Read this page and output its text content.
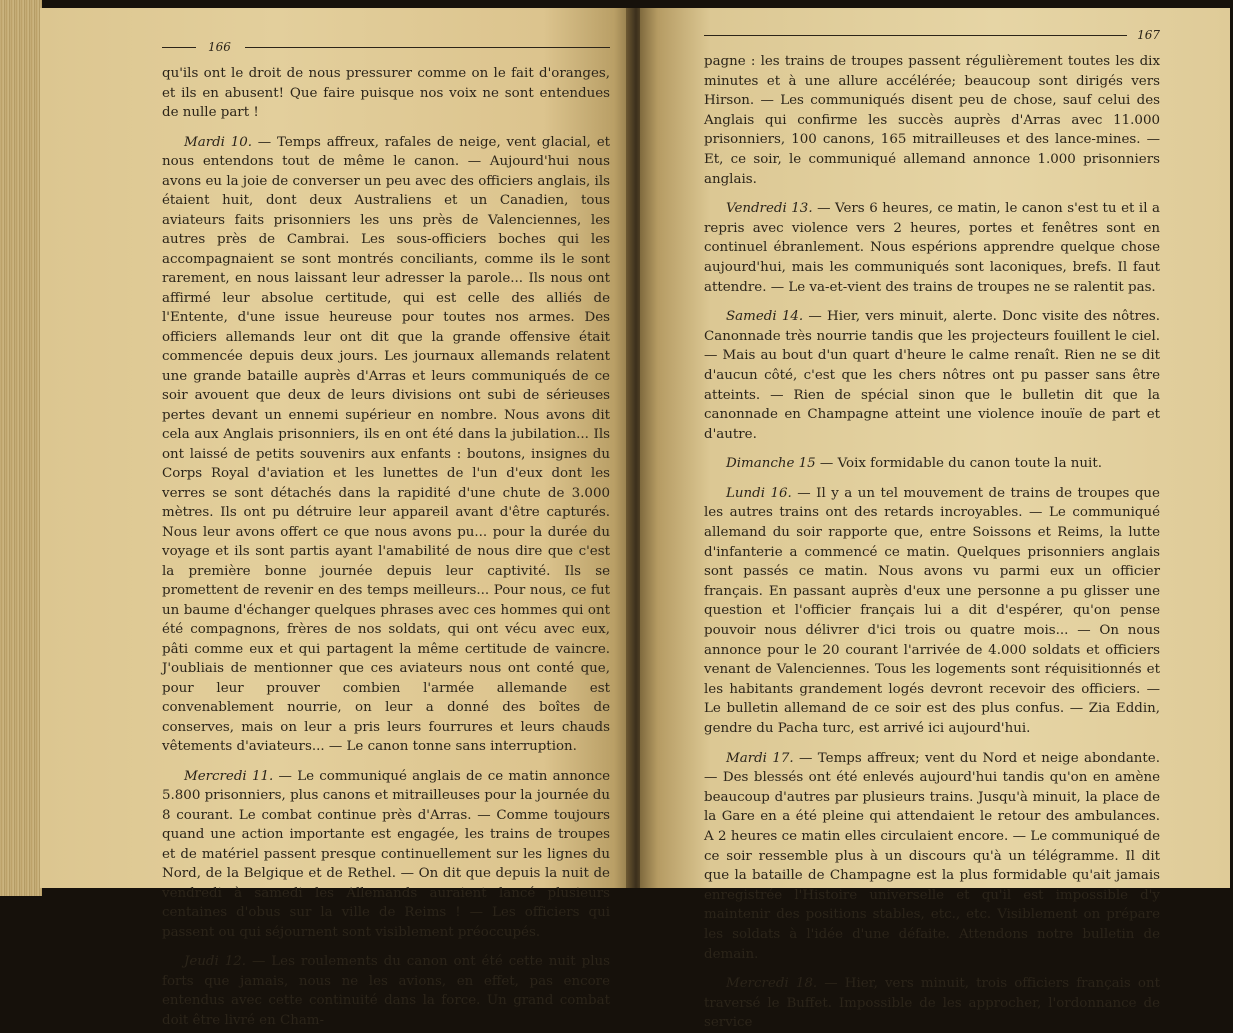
166

qu'ils ont le droit de nous pressurer comme on le fait d'oranges, et ils en abusent! Que faire puisque nos voix ne sont entendues de nulle part !

Mardi 10. — Temps affreux, rafales de neige, vent glacial, et nous entendons tout de même le canon. — Aujourd'hui nous avons eu la joie de converser un peu avec des officiers anglais, ils étaient huit, dont deux Australiens et un Canadien, tous aviateurs faits prisonniers les uns près de Valenciennes, les autres près de Cambrai. Les sous-officiers boches qui les accompagnaient se sont montrés conciliants, comme ils le sont rarement, en nous laissant leur adresser la parole... Ils nous ont affirmé leur absolue certitude, qui est celle des alliés de l'Entente, d'une issue heureuse pour toutes nos armes. Des officiers allemands leur ont dit que la grande offensive était commencée depuis deux jours. Les journaux allemands relatent une grande bataille auprès d'Arras et leurs communiqués de ce soir avouent que deux de leurs divisions ont subi de sérieuses pertes devant un ennemi supérieur en nombre. Nous avons dit cela aux Anglais prisonniers, ils en ont été dans la jubilation... Ils ont laissé de petits souvenirs aux enfants : boutons, insignes du Corps Royal d'aviation et les lunettes de l'un d'eux dont les verres se sont détachés dans la rapidité d'une chute de 3.000 mètres. Ils ont pu détruire leur appareil avant d'être capturés. Nous leur avons offert ce que nous avons pu... pour la durée du voyage et ils sont partis ayant l'amabilité de nous dire que c'est la première bonne journée depuis leur captivité. Ils se promettent de revenir en des temps meilleurs... Pour nous, ce fut un baume d'échanger quelques phrases avec ces hommes qui ont été compagnons, frères de nos soldats, qui ont vécu avec eux, pâti comme eux et qui partagent la même certitude de vaincre. J'oubliais de mentionner que ces aviateurs nous ont conté que, pour leur prouver combien l'armée allemande est convenablement nourrie, on leur a donné des boîtes de conserves, mais on leur a pris leurs fourrures et leurs chauds vêtements d'aviateurs... — Le canon tonne sans interruption.

Mercredi 11. — Le communiqué anglais de ce matin annonce 5.800 prisonniers, plus canons et mitrailleuses pour la journée du 8 courant. Le combat continue près d'Arras. — Comme toujours quand une action importante est engagée, les trains de troupes et de matériel passent presque continuellement sur les lignes du Nord, de la Belgique et de Rethel. — On dit que depuis la nuit de vendredi à samedi les Allemands auraient lancé plusieurs centaines d'obus sur la ville de Reims ! — Les officiers qui passent ou qui séjournent sont visiblement préoccupés.

Jeudi 12. — Les roulements du canon ont été cette nuit plus forts que jamais, nous ne les avions, en effet, pas encore entendus avec cette continuité dans la force. Un grand combat doit être livré en Cham-

167

pagne : les trains de troupes passent régulièrement toutes les dix minutes et à une allure accélérée; beaucoup sont dirigés vers Hirson. — Les communiqués disent peu de chose, sauf celui des Anglais qui confirme les succès auprès d'Arras avec 11.000 prisonniers, 100 canons, 165 mitrailleuses et des lance-mines. — Et, ce soir, le communiqué allemand annonce 1.000 prisonniers anglais.

Vendredi 13. — Vers 6 heures, ce matin, le canon s'est tu et il a repris avec violence vers 2 heures, portes et fenêtres sont en continuel ébranlement. Nous espérions apprendre quelque chose aujourd'hui, mais les communiqués sont laconiques, brefs. Il faut attendre. — Le va-et-vient des trains de troupes ne se ralentit pas.

Samedi 14. — Hier, vers minuit, alerte. Donc visite des nôtres. Canonnade très nourrie tandis que les projecteurs fouillent le ciel. — Mais au bout d'un quart d'heure le calme renaît. Rien ne se dit d'aucun côté, c'est que les chers nôtres ont pu passer sans être atteints. — Rien de spécial sinon que le bulletin dit que la canonnade en Champagne atteint une violence inouïe de part et d'autre.

Dimanche 15 — Voix formidable du canon toute la nuit.

Lundi 16. — Il y a un tel mouvement de trains de troupes que les autres trains ont des retards incroyables. — Le communiqué allemand du soir rapporte que, entre Soissons et Reims, la lutte d'infanterie a commencé ce matin. Quelques prisonniers anglais sont passés ce matin. Nous avons vu parmi eux un officier français. En passant auprès d'eux une personne a pu glisser une question et l'officier français lui a dit d'espérer, qu'on pense pouvoir nous délivrer d'ici trois ou quatre mois... — On nous annonce pour le 20 courant l'arrivée de 4.000 soldats et officiers venant de Valenciennes. Tous les logements sont réquisitionnés et les habitants grandement logés devront recevoir des officiers. — Le bulletin allemand de ce soir est des plus confus. — Zia Eddin, gendre du Pacha turc, est arrivé ici aujourd'hui.

Mardi 17. — Temps affreux; vent du Nord et neige abondante. — Des blessés ont été enlevés aujourd'hui tandis qu'on en amène beaucoup d'autres par plusieurs trains. Jusqu'à minuit, la place de la Gare en a été pleine qui attendaient le retour des ambulances. A 2 heures ce matin elles circulaient encore. — Le communiqué de ce soir ressemble plus à un discours qu'à un télégramme. Il dit que la bataille de Champagne est la plus formidable qu'ait jamais enregistrée l'Histoire universelle et qu'il est impossible d'y maintenir des positions stables, etc., etc. Visiblement on prépare les soldats à l'idée d'une défaite. Attendons notre bulletin de demain.

Mercredi 18. — Hier, vers minuit, trois officiers français ont traversé le Buffet. Impossible de les approcher, l'ordonnance de service
